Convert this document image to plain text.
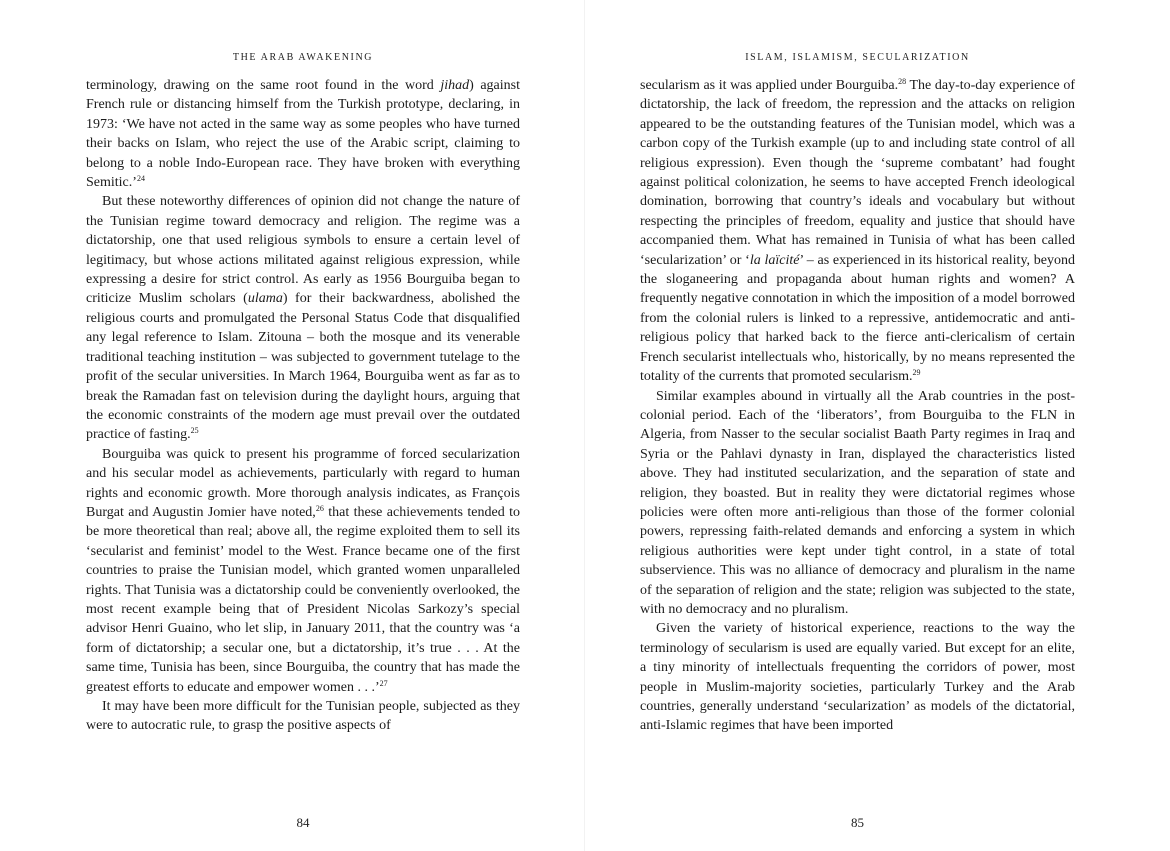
THE ARAB AWAKENING

terminology, drawing on the same root found in the word jihad) against French rule or distancing himself from the Turkish prototype, declaring, in 1973: ‘We have not acted in the same way as some peoples who have turned their backs on Islam, who reject the use of the Arabic script, claiming to belong to a noble Indo-European race. They have broken with everything Semitic.’$^{24}$

But these noteworthy differences of opinion did not change the nature of the Tunisian regime toward democracy and religion. The regime was a dictatorship, one that used religious symbols to ensure a certain level of legitimacy, but whose actions militated against religious expression, while expressing a desire for strict control. As early as 1956 Bourguiba began to criticize Muslim scholars (ulama) for their backwardness, abolished the religious courts and promulgated the Personal Status Code that disqualified any legal reference to Islam. Zitouna – both the mosque and its venerable traditional teaching institution – was subjected to government tutelage to the profit of the secular universities. In March 1964, Bourguiba went as far as to break the Ramadan fast on television during the daylight hours, arguing that the economic constraints of the modern age must prevail over the outdated practice of fasting.$^{25}$

Bourguiba was quick to present his programme of forced secularization and his secular model as achievements, particularly with regard to human rights and economic growth. More thorough analysis indicates, as François Burgat and Augustin Jomier have noted,$^{26}$ that these achievements tended to be more theoretical than real; above all, the regime exploited them to sell its ‘secularist and feminist’ model to the West. France became one of the first countries to praise the Tunisian model, which granted women unparalleled rights. That Tunisia was a dictatorship could be conveniently overlooked, the most recent example being that of President Nicolas Sarkozy’s special advisor Henri Guaino, who let slip, in January 2011, that the country was ‘a form of dictatorship; a secular one, but a dictatorship, it’s true . . . At the same time, Tunisia has been, since Bourguiba, the country that has made the greatest efforts to educate and empower women . . .’$^{27}$

It may have been more difficult for the Tunisian people, subjected as they were to autocratic rule, to grasp the positive aspects of

84
ISLAM, ISLAMISM, SECULARIZATION

secularism as it was applied under Bourguiba.$^{28}$ The day-to-day experience of dictatorship, the lack of freedom, the repression and the attacks on religion appeared to be the outstanding features of the Tunisian model, which was a carbon copy of the Turkish example (up to and including state control of all religious expression). Even though the ‘supreme combatant’ had fought against political colonization, he seems to have accepted French ideological domination, borrowing that country’s ideals and vocabulary but without respecting the principles of freedom, equality and justice that should have accompanied them. What has remained in Tunisia of what has been called ‘secularization’ or ‘la laïcité’ – as experienced in its historical reality, beyond the sloganeering and propaganda about human rights and women? A frequently negative connotation in which the imposition of a model borrowed from the colonial rulers is linked to a repressive, antidemocratic and anti-religious policy that harked back to the fierce anti-clericalism of certain French secularist intellectuals who, historically, by no means represented the totality of the currents that promoted secularism.$^{29}$

Similar examples abound in virtually all the Arab countries in the post-colonial period. Each of the ‘liberators’, from Bourguiba to the FLN in Algeria, from Nasser to the secular socialist Baath Party regimes in Iraq and Syria or the Pahlavi dynasty in Iran, displayed the characteristics listed above. They had instituted secularization, and the separation of state and religion, they boasted. But in reality they were dictatorial regimes whose policies were often more anti-religious than those of the former colonial powers, repressing faith-related demands and enforcing a system in which religious authorities were kept under tight control, in a state of total subservience. This was no alliance of democracy and pluralism in the name of the separation of religion and the state; religion was subjected to the state, with no democracy and no pluralism.

Given the variety of historical experience, reactions to the way the terminology of secularism is used are equally varied. But except for an elite, a tiny minority of intellectuals frequenting the corridors of power, most people in Muslim-majority societies, particularly Turkey and the Arab countries, generally understand ‘secularization’ as models of the dictatorial, anti-Islamic regimes that have been imported

85
